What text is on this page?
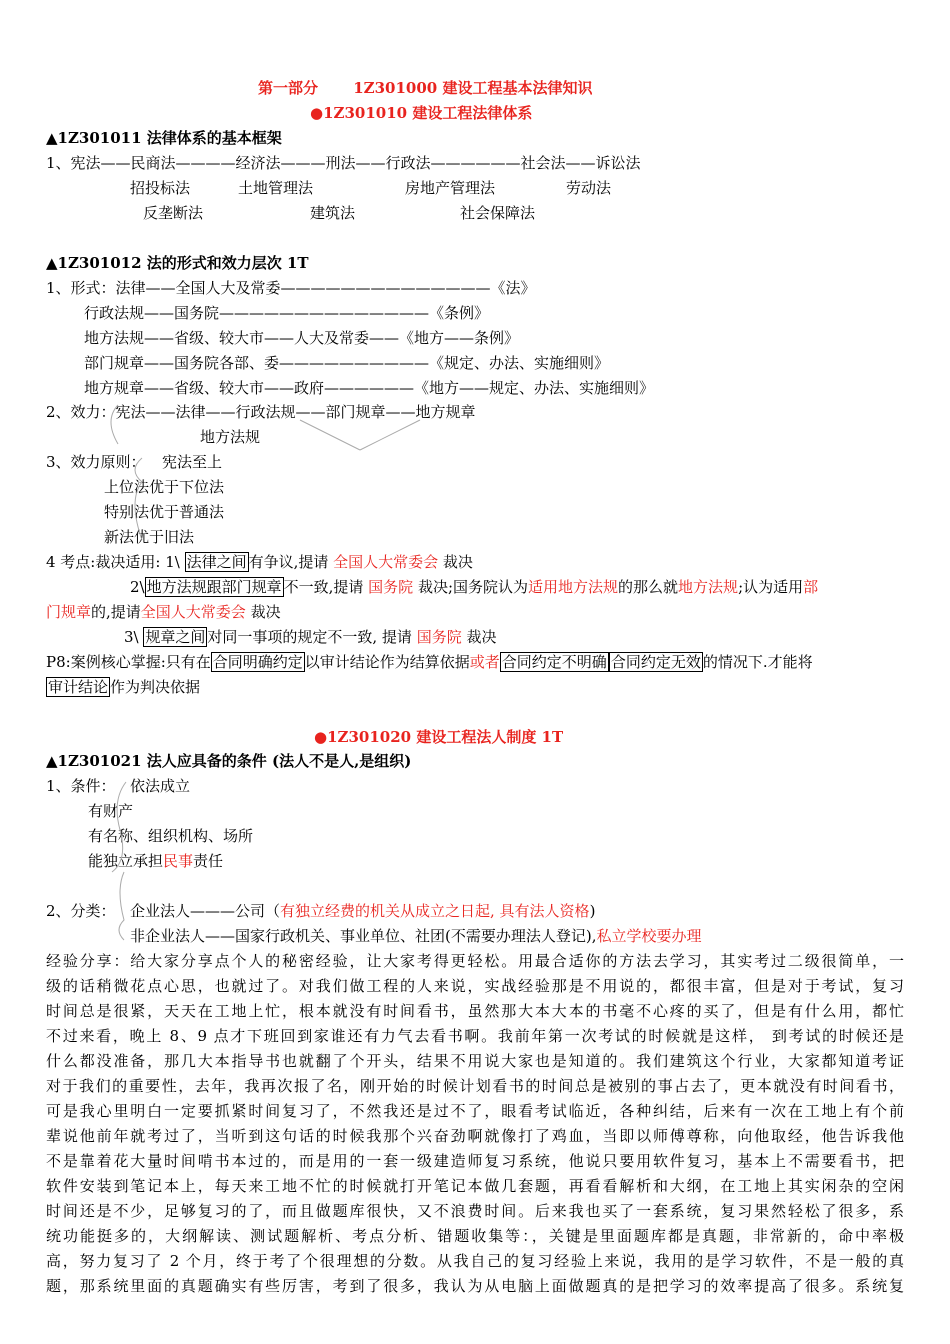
第一部分 　　1Z301000 建设工程基本法律知识
●1Z301010 建设工程法律体系
▲1Z301011 法律体系的基本框架
1、宪法——民商法————经济法———刑法——行政法——————社会法——诉讼法
招投标法	土地管理法	房地产管理法	劳动法
反垄断法	建筑法	社会保障法
▲1Z301012 法的形式和效力层次 1T
1、形式：法律——全国人大及常委——————————————《法》
行政法规——国务院——————————————《条例》
地方法规——省级、较大市——人大及常委——《地方——条例》
部门规章——国务院各部、委——————————《规定、办法、实施细则》
地方规章——省级、较大市——政府——————《地方——规定、办法、实施细则》
2、效力：宪法——法律——行政法规——部门规章——地方规章
地方法规
3、效力原则： 宪法至上
上位法优于下位法
特别法优于普通法
新法优于旧法
4 考点:裁决适用: 1\ 法律之间 有争议,提请 全国人大常委会 裁决
2\ 地方法规跟部门规章 不一致,提请 国务院 裁决;国务院认为适用地方法规的那么就地方法规;认为适用部
门规章的,提请全国人大常委会 裁决
3\ 规章之间 对同一事项的规定不一致, 提请 国务院 裁决
P8:案例核心掌握:只有在 合同明确约定 以审计结论作为结算依据或者 合同约定不明确 合同约定无效 的情况下.才能将
审计结论 作为判决依据
●1Z301020 建设工程法人制度 1T
▲1Z301021 法人应具备的条件 (法人不是人,是组织)
1、条件： 依法成立
有财产
有名称、组织机构、场所
能独立承担民事责任
2、分类： 企业法人———公司（有独立经费的机关从成立之日起, 具有法人资格)
非企业法人——国家行政机关、事业单位、社团(不需要办理法人登记),私立学校要办理
经验分享：给大家分享点个人的秘密经验，让大家考得更轻松。用最合适你的方法去学习，其实考过二级很简单，一
级的话稍微花点心思，也就过了。对我们做工程的人来说，实战经验那是不用说的，都很丰富，但是对于考试，复习
时间总是很紧，天天在工地上忙，根本就没有时间看书，虽然那大本大本的书毫不心疼的买了，但是有什么用，都忙
不过来看，晚上 8、9 点才下班回到家谁还有力气去看书啊。我前年第一次考试的时候就是这样， 到考试的时候还是
什么都没准备，那几大本指导书也就翻了个开头，结果不用说大家也是知道的。我们建筑这个行业，大家都知道考证
对于我们的重要性，去年，我再次报了名，刚开始的时候计划看书的时间总是被别的事占去了，更本就没有时间看书，
可是我心里明白一定要抓紧时间复习了，不然我还是过不了，眼看考试临近，各种纠结，后来有一次在工地上有个前
辈说他前年就考过了，当听到这句话的时候我那个兴奋劲啊就像打了鸡血，当即以师傅尊称，向他取经，他告诉我他
不是靠着花大量时间啃书本过的，而是用的一套一级建造师复习系统，他说只要用软件复习，基本上不需要看书，把
软件安装到笔记本上，每天来工地不忙的时候就打开笔记本做几套题，再看看解析和大纲，在工地上其实闲杂的空闲
时间还是不少，足够复习的了，而且做题库很快，又不浪费时间。后来我也买了一套系统，复习果然轻松了很多，系
统功能挺多的，大纲解读、测试题解析、考点分析、错题收集等：，关键是里面题库都是真题，非常新的，命中率极
高，努力复习了 2 个月，终于考了个很理想的分数。从我自己的复习经验上来说，我用的是学习软件，不是一般的真
题，那系统里面的真题确实有些厉害，考到了很多，我认为从电脑上面做题真的是把学习的效率提高了很多。系统复
